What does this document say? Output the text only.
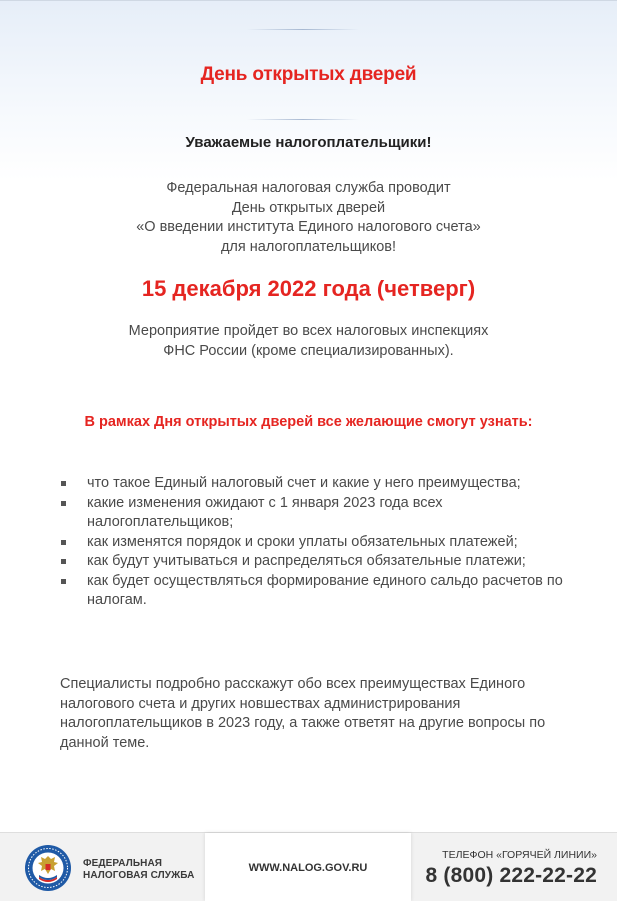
День открытых дверей
Уважаемые налогоплательщики!
Федеральная налоговая служба проводит
День открытых дверей
«О введении института Единого налогового счета»
для налогоплательщиков!
15 декабря 2022 года (четверг)
Мероприятие пройдет во всех налоговых инспекциях
ФНС России (кроме специализированных).
В рамках Дня открытых дверей все желающие смогут узнать:
что такое Единый налоговый счет и какие у него преимущества;
какие изменения ожидают с 1 января 2023 года всех налогоплательщиков;
как изменятся порядок и сроки уплаты обязательных платежей;
как будут учитываться и распределяться обязательные платежи;
как будет осуществляться формирование единого сальдо расчетов по налогам.
Специалисты подробно расскажут обо всех преимуществах Единого налогового счета и других новшествах администрирования налогоплательщиков в 2023 году, а также ответят на другие вопросы по данной теме.
ФЕДЕРАЛЬНАЯ
НАЛОГОВАЯ СЛУЖБА
WWW.NALOG.GOV.RU
ТЕЛЕФОН «ГОРЯЧЕЙ ЛИНИИ»
8 (800) 222-22-22
